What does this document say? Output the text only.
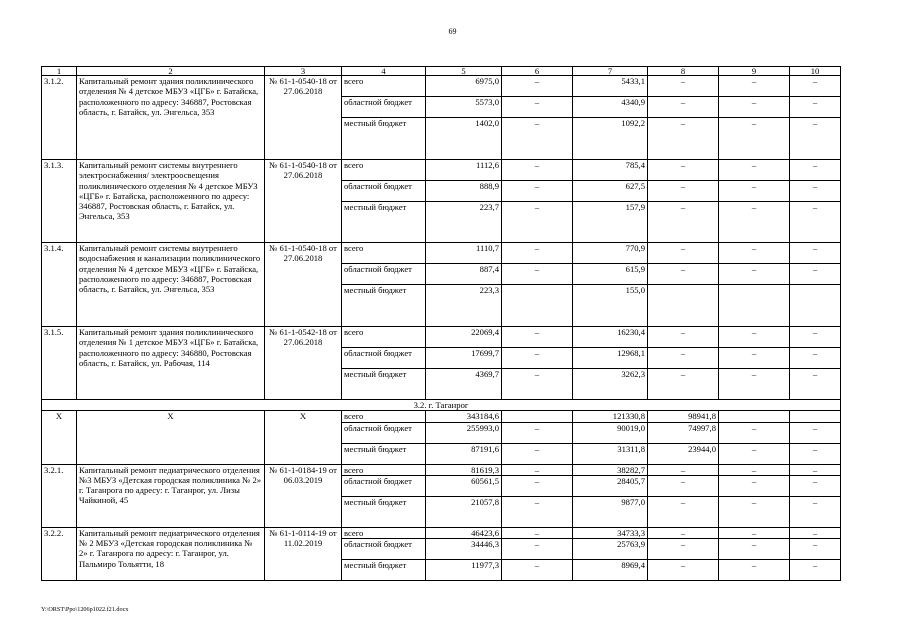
69
1	2	3	4	5	6	7	8	9	10
3.1.2.	Капитальный ремонт здания поликлинического отделения № 4 детское МБУЗ «ЦГБ» г. Батайска, расположенного по адресу: 346887, Ростовская область, г. Батайск, ул. Энгельса, 353	№ 61-1-0540-18 от 27.06.2018	всего	6975,0	–	5433,1	–	–	–
			областной бюджет	5573,0	–	4340,9	–	–	–
			местный бюджет	1402,0	–	1092,2	–	–	–
3.1.3.	Капитальный ремонт системы внутреннего электроснабжения/ электроосвещения поликлинического отделения № 4 детское МБУЗ «ЦГБ» г. Батайска, расположенного по адресу: 346887, Ростовская область, г. Батайск, ул. Энгельса, 353	№ 61-1-0540-18 от 27.06.2018	всего	1112,6	–	785,4	–	–	–
			областной бюджет	888,9	–	627,5	–	–	–
			местный бюджет	223,7	–	157,9	–	–	–
3.1.4.	Капитальный ремонт системы внутреннего водоснабжения и канализации поликлинического отделения № 4 детское МБУЗ «ЦГБ» г. Батайска, расположенного по адресу: 346887, Ростовская область, г. Батайск, ул. Энгельса, 353	№ 61-1-0540-18 от 27.06.2018	всего	1110,7	–	770,9	–	–	–
			областной бюджет	887,4	–	615,9	–	–	–
			местный бюджет	223,3		155,0			
3.1.5.	Капитальный ремонт здания поликлинического отделения № 1 детское МБУЗ «ЦГБ» г. Батайска, расположенного по адресу: 346880, Ростовская область, г. Батайск, ул. Рабочая, 114	№ 61-1-0542-18 от 27.06.2018	всего	22069,4	–	16230,4	–	–	–
			областной бюджет	17699,7	–	12968,1	–	–	–
			местный бюджет	4369,7	–	3262,3	–	–	–
3.2. г. Таганрог									
Х	Х	Х	всего	343184,6		121330,8	98941,8		
			областной бюджет	255993,0	–	90019,0	74997,8	–	–
			местный бюджет	87191,6	–	31311,8	23944,0	–	–
3.2.1.	Капитальный ремонт педиатрического отделения №3 МБУЗ «Детская городская поликлиника № 2» г. Таганрога по адресу: г. Таганрог, ул. Лизы Чайкиной, 45	№ 61-1-0184-19 от 06.03.2019	всего	81619,3	–	38282,7	–	–	–
			областной бюджет	60561,5	–	28405,7	–	–	–
			местный бюджет	21057,8	–	9877,0	–	–	–
3.2.2.	Капитальный ремонт педиатрического отделения № 2 МБУЗ «Детская городская поликлиника № 2» г. Таганрога по адресу: г. Таганрог, ул. Пальмиро Тольятти, 18	№ 61-1-0114-19 от 11.02.2019	всего	46423,6	–	34733,3	–	–	–
			областной бюджет	34446,3	–	25763,9	–	–	–
			местный бюджет	11977,3	–	8969,4	–	–	–
Y:\ORST\Ppo\1206p1022.f21.docx
